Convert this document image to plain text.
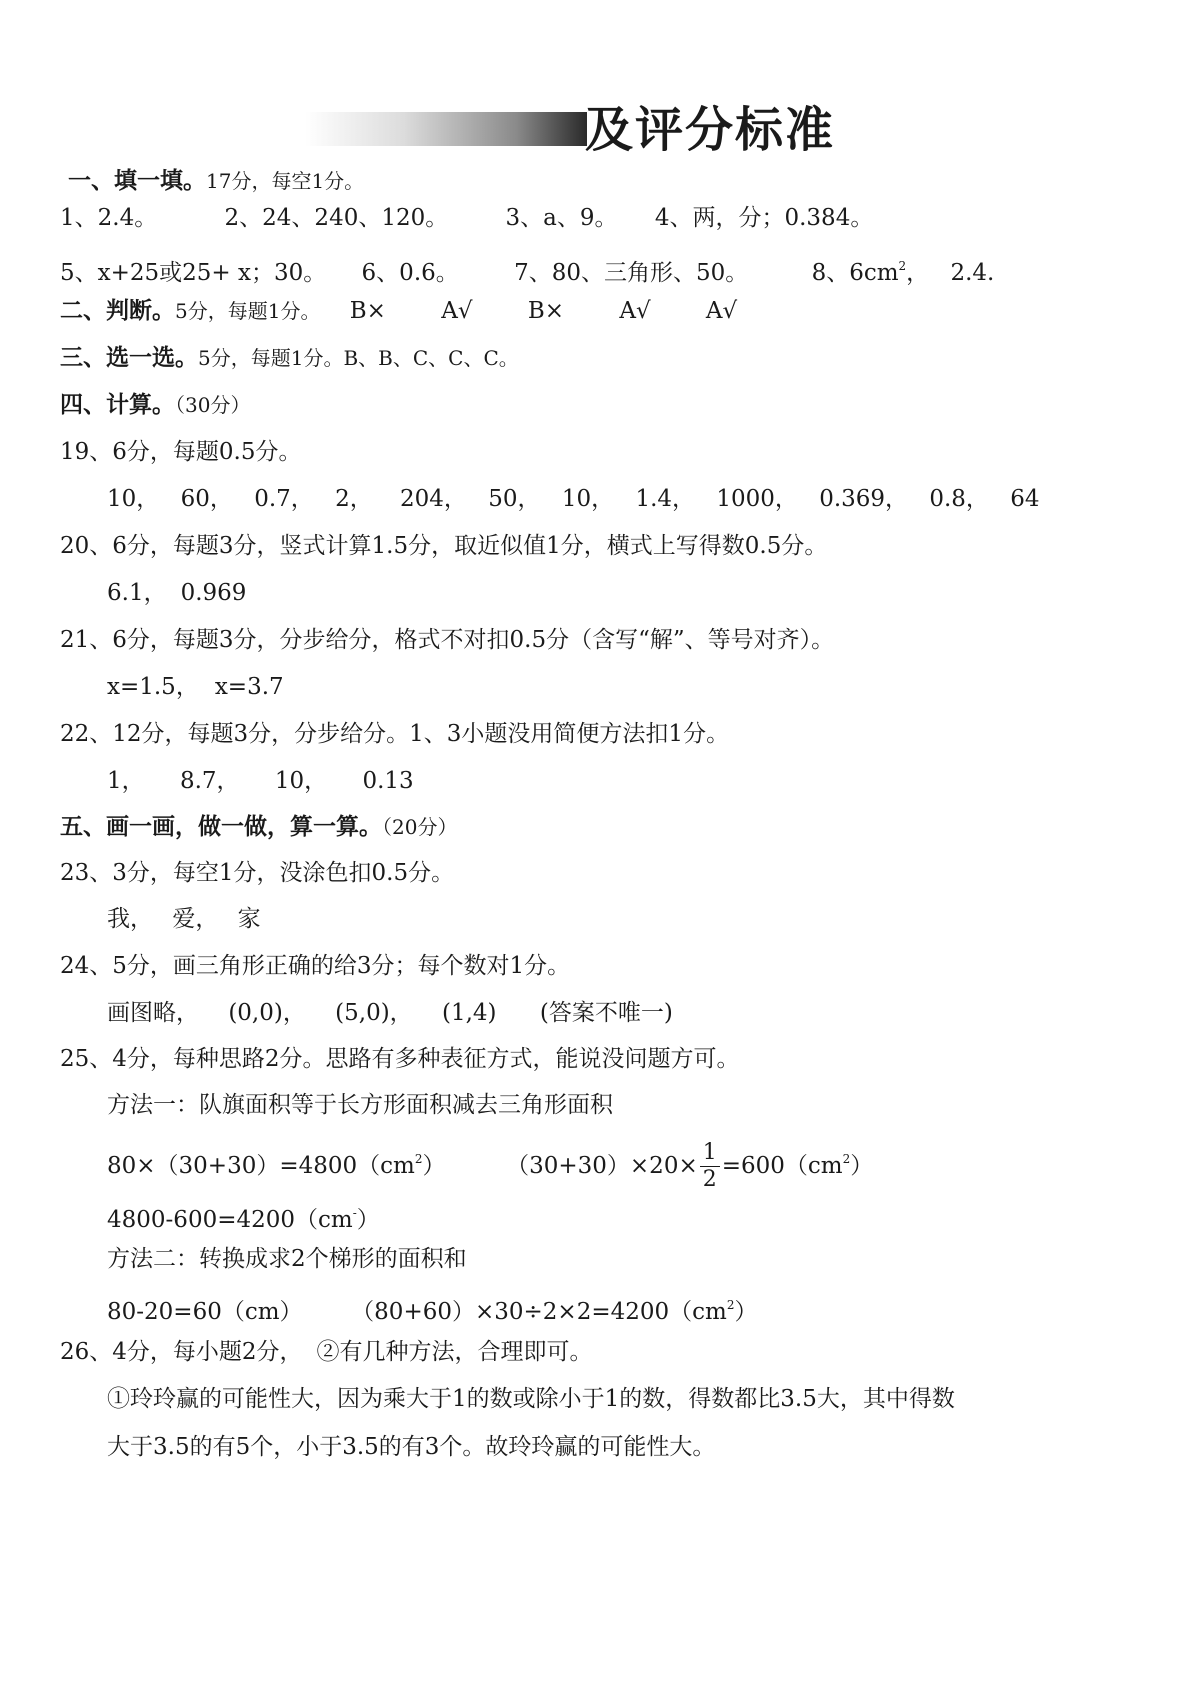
及评分标准
一、填一填。17分，每空1分。
1、2.4。	2、24、240、120。 3、a、9。 4、两，分；0.384。
5、x+25或25+ x；30。 6、0.6。 7、80、三角形、50。	8、$6cm^2$， 2.4.
二、判断。5分，每题1分。 B× A√ B× A√ A√
三、选一选。5分，每题1分。B、B、C、C、C。
四、计算。（30分）
19、6分，每题0.5分。
10， 60， 0.7， 2， 204， 50， 10， 1.4， 1000， 0.369， 0.8， 64
20、6分，每题3分，竖式计算1.5分，取近似值1分，横式上写得数0.5分。
6.1， 0.969
21、6分，每题3分，分步给分，格式不对扣0.5分（含写“解”、等号对齐）。
x=1.5， x=3.7
22、12分，每题3分，分步给分。1、3小题没用简便方法扣1分。
1， 8.7， 10， 0.13
五、画一画，做一做，算一算。（20分）
23、3分，每空1分，没涂色扣0.5分。
我， 爱， 家
24、5分，画三角形正确的给3分；每个数对1分。
画图略， (0,0)， (5,0)， (1,4) (答案不唯一)
25、4分，每种思路2分。思路有多种表征方式，能说没问题方可。
方法一：队旗面积等于长方形面积减去三角形面积
$80\times(30+30)=4800(cm^2)$	$(30+30)\times 20\times \frac{1}{2} =600(cm^2)$
4800-600=4200（cm-）
方法二：转换成求2个梯形的面积和
80-20=60（cm） $(80+60)\times 30\div 2\times 2=4200(cm^2)$
26、4分，每小题2分， ②有几种方法，合理即可。
①玲玲赢的可能性大，因为乘大于1的数或除小于1的数，得数都比3.5大，其中得数
大于3.5的有5个，小于3.5的有3个。故玲玲赢的可能性大。
